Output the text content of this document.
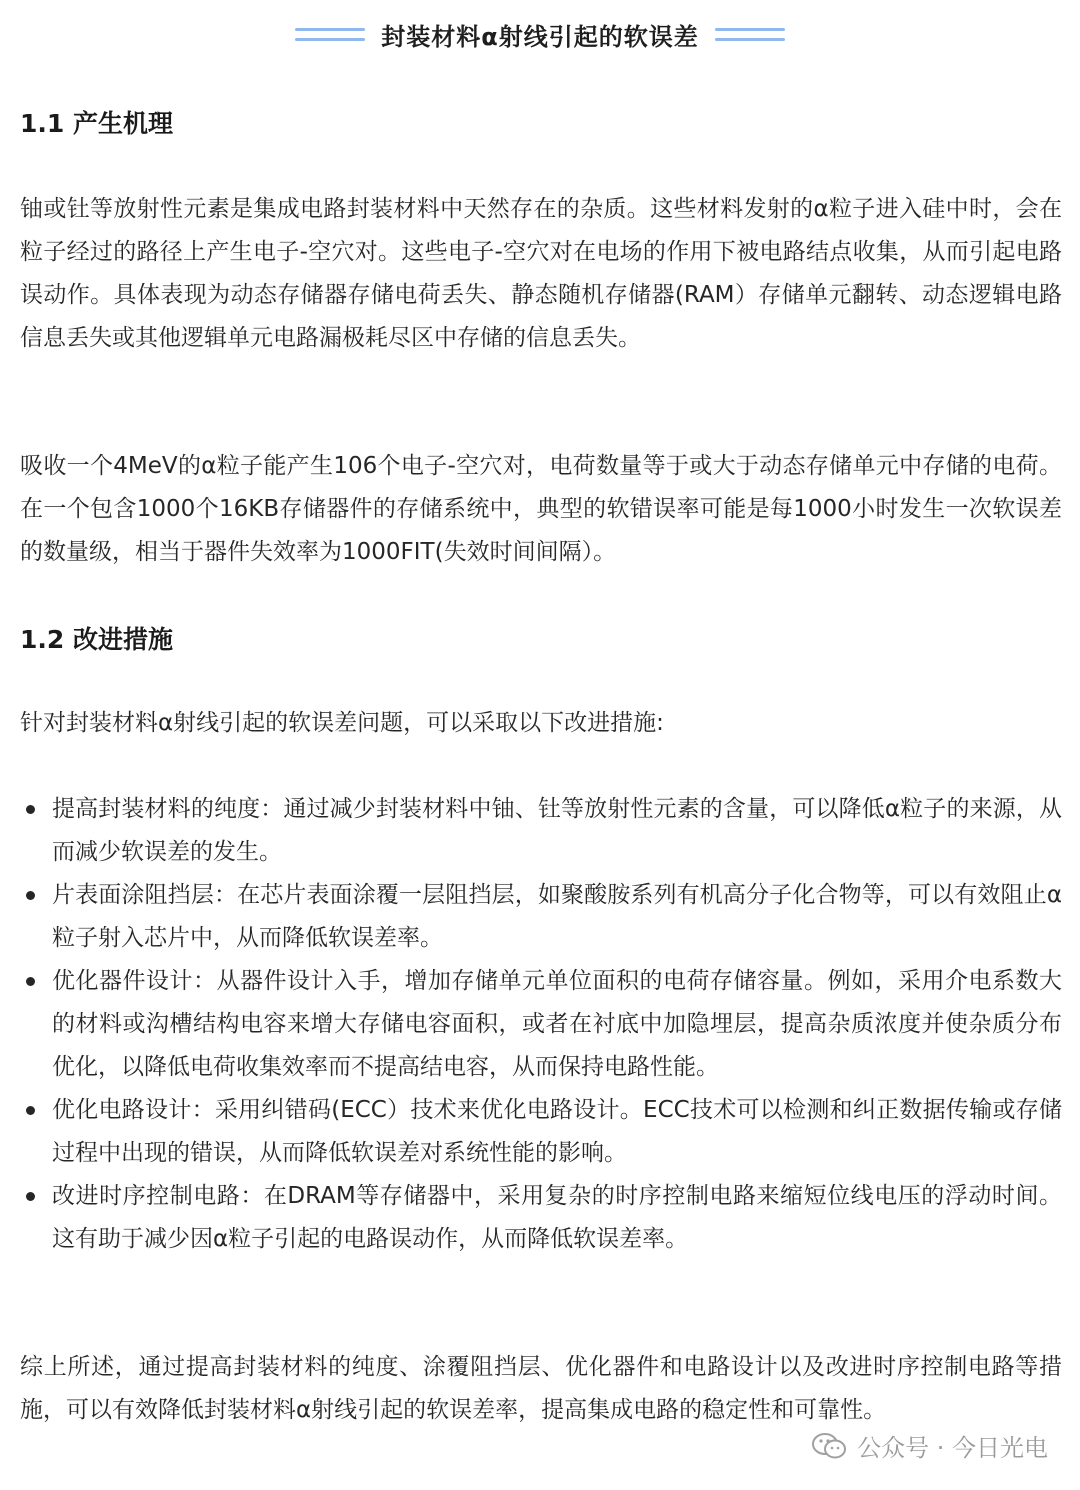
封装材料α射线引起的软误差
1.1 产生机理
铀或钍等放射性元素是集成电路封装材料中天然存在的杂质。这些材料发射的α粒子进入硅中时，会在粒子经过的路径上产生电子-空穴对。这些电子-空穴对在电场的作用下被电路结点收集，从而引起电路误动作。具体表现为动态存储器存储电荷丢失、静态随机存储器(RAM）存储单元翻转、动态逻辑电路信息丢失或其他逻辑单元电路漏极耗尽区中存储的信息丢失。
吸收一个4MeV的α粒子能产生106个电子-空穴对，电荷数量等于或大于动态存储单元中存储的电荷。在一个包含1000个16KB存储器件的存储系统中，典型的软错误率可能是每1000小时发生一次软误差的数量级，相当于器件失效率为1000FIT(失效时间间隔）。
1.2 改进措施
针对封装材料α射线引起的软误差问题，可以采取以下改进措施:
提高封装材料的纯度：通过减少封装材料中铀、钍等放射性元素的含量，可以降低α粒子的来源，从而减少软误差的发生。
片表面涂阻挡层：在芯片表面涂覆一层阻挡层，如聚酸胺系列有机高分子化合物等，可以有效阻止α粒子射入芯片中，从而降低软误差率。
优化器件设计：从器件设计入手，增加存储单元单位面积的电荷存储容量。例如，采用介电系数大的材料或沟槽结构电容来增大存储电容面积，或者在衬底中加隐埋层，提高杂质浓度并使杂质分布优化，以降低电荷收集效率而不提高结电容，从而保持电路性能。
优化电路设计：采用纠错码(ECC）技术来优化电路设计。ECC技术可以检测和纠正数据传输或存储过程中出现的错误，从而降低软误差对系统性能的影响。
改进时序控制电路：在DRAM等存储器中，采用复杂的时序控制电路来缩短位线电压的浮动时间。这有助于减少因α粒子引起的电路误动作，从而降低软误差率。
综上所述，通过提高封装材料的纯度、涂覆阻挡层、优化器件和电路设计以及改进时序控制电路等措施，可以有效降低封装材料α射线引起的软误差率，提高集成电路的稳定性和可靠性。
公众号 · 今日光电
